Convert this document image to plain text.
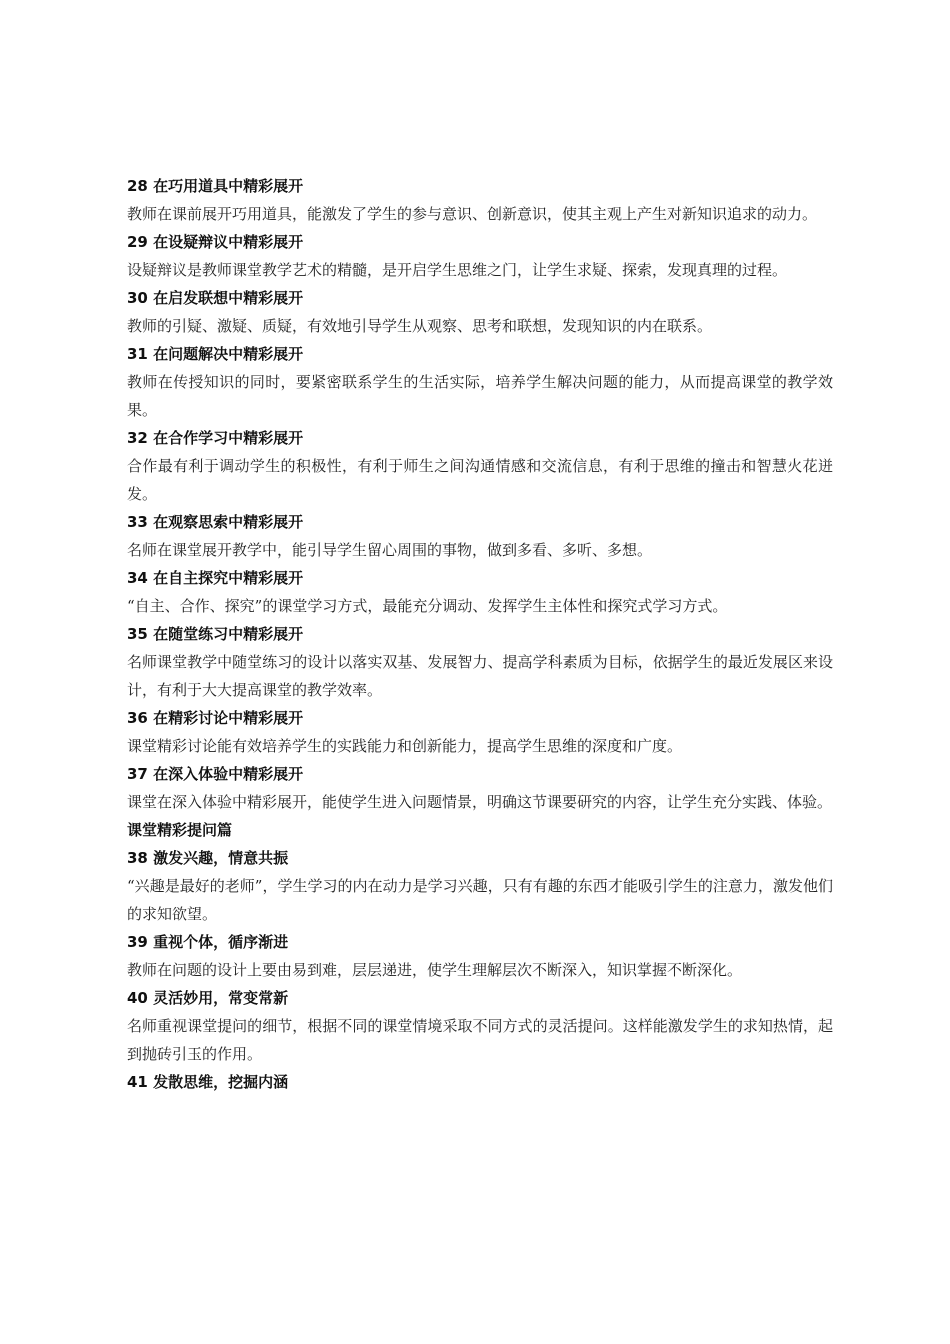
28 在巧用道具中精彩展开
教师在课前展开巧用道具，能激发了学生的参与意识、创新意识，使其主观上产生对新知识追求的动力。
29 在设疑辩议中精彩展开
设疑辩议是教师课堂教学艺术的精髓，是开启学生思维之门，让学生求疑、探索，发现真理的过程。
30 在启发联想中精彩展开
教师的引疑、激疑、质疑，有效地引导学生从观察、思考和联想，发现知识的内在联系。
31 在问题解决中精彩展开
教师在传授知识的同时，要紧密联系学生的生活实际，培养学生解决问题的能力，从而提高课堂的教学效果。
32 在合作学习中精彩展开
合作最有利于调动学生的积极性，有利于师生之间沟通情感和交流信息，有利于思维的撞击和智慧火花迸发。
33 在观察思索中精彩展开
名师在课堂展开教学中，能引导学生留心周围的事物，做到多看、多听、多想。
34 在自主探究中精彩展开
“自主、合作、探究”的课堂学习方式，最能充分调动、发挥学生主体性和探究式学习方式。
35 在随堂练习中精彩展开
名师课堂教学中随堂练习的设计以落实双基、发展智力、提高学科素质为目标，依据学生的最近发展区来设计，有利于大大提高课堂的教学效率。
36 在精彩讨论中精彩展开
课堂精彩讨论能有效培养学生的实践能力和创新能力，提高学生思维的深度和广度。
37 在深入体验中精彩展开
课堂在深入体验中精彩展开，能使学生进入问题情景，明确这节课要研究的内容，让学生充分实践、体验。
课堂精彩提问篇
38 激发兴趣，情意共振
“兴趣是最好的老师”，学生学习的内在动力是学习兴趣，只有有趣的东西才能吸引学生的注意力，激发他们的求知欲望。
39 重视个体，循序渐进
教师在问题的设计上要由易到难，层层递进，使学生理解层次不断深入，知识掌握不断深化。
40 灵活妙用，常变常新
名师重视课堂提问的细节，根据不同的课堂情境采取不同方式的灵活提问。这样能激发学生的求知热情，起到抛砖引玉的作用。
41 发散思维，挖掘内涵
